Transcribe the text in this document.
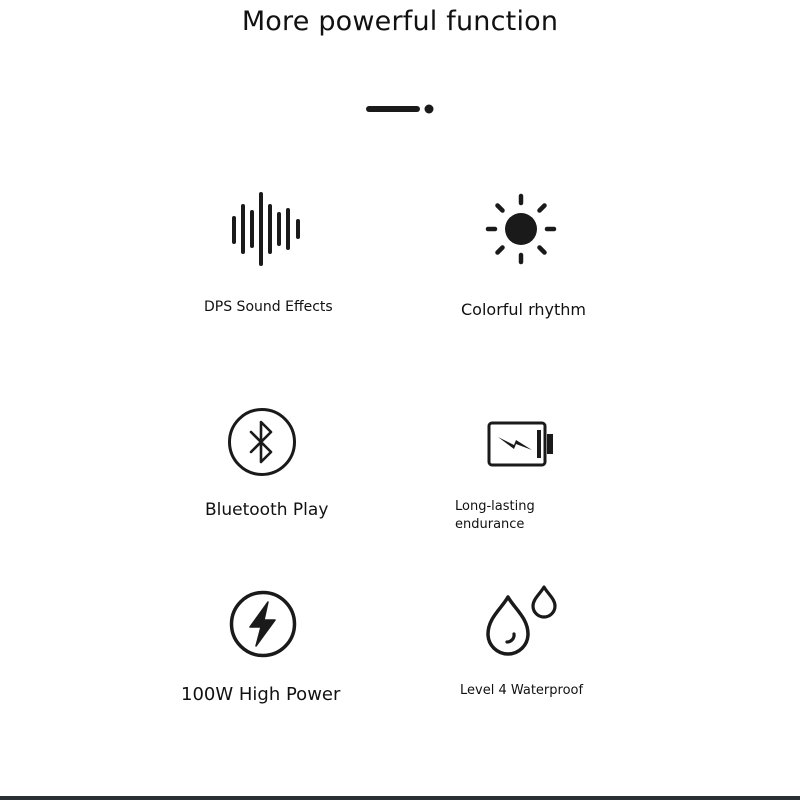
More powerful function
DPS Sound Effects	Colorful rhythm
Bluetooth Play	Long-lasting
endurance
100W High Power	Level 4 Waterproof
